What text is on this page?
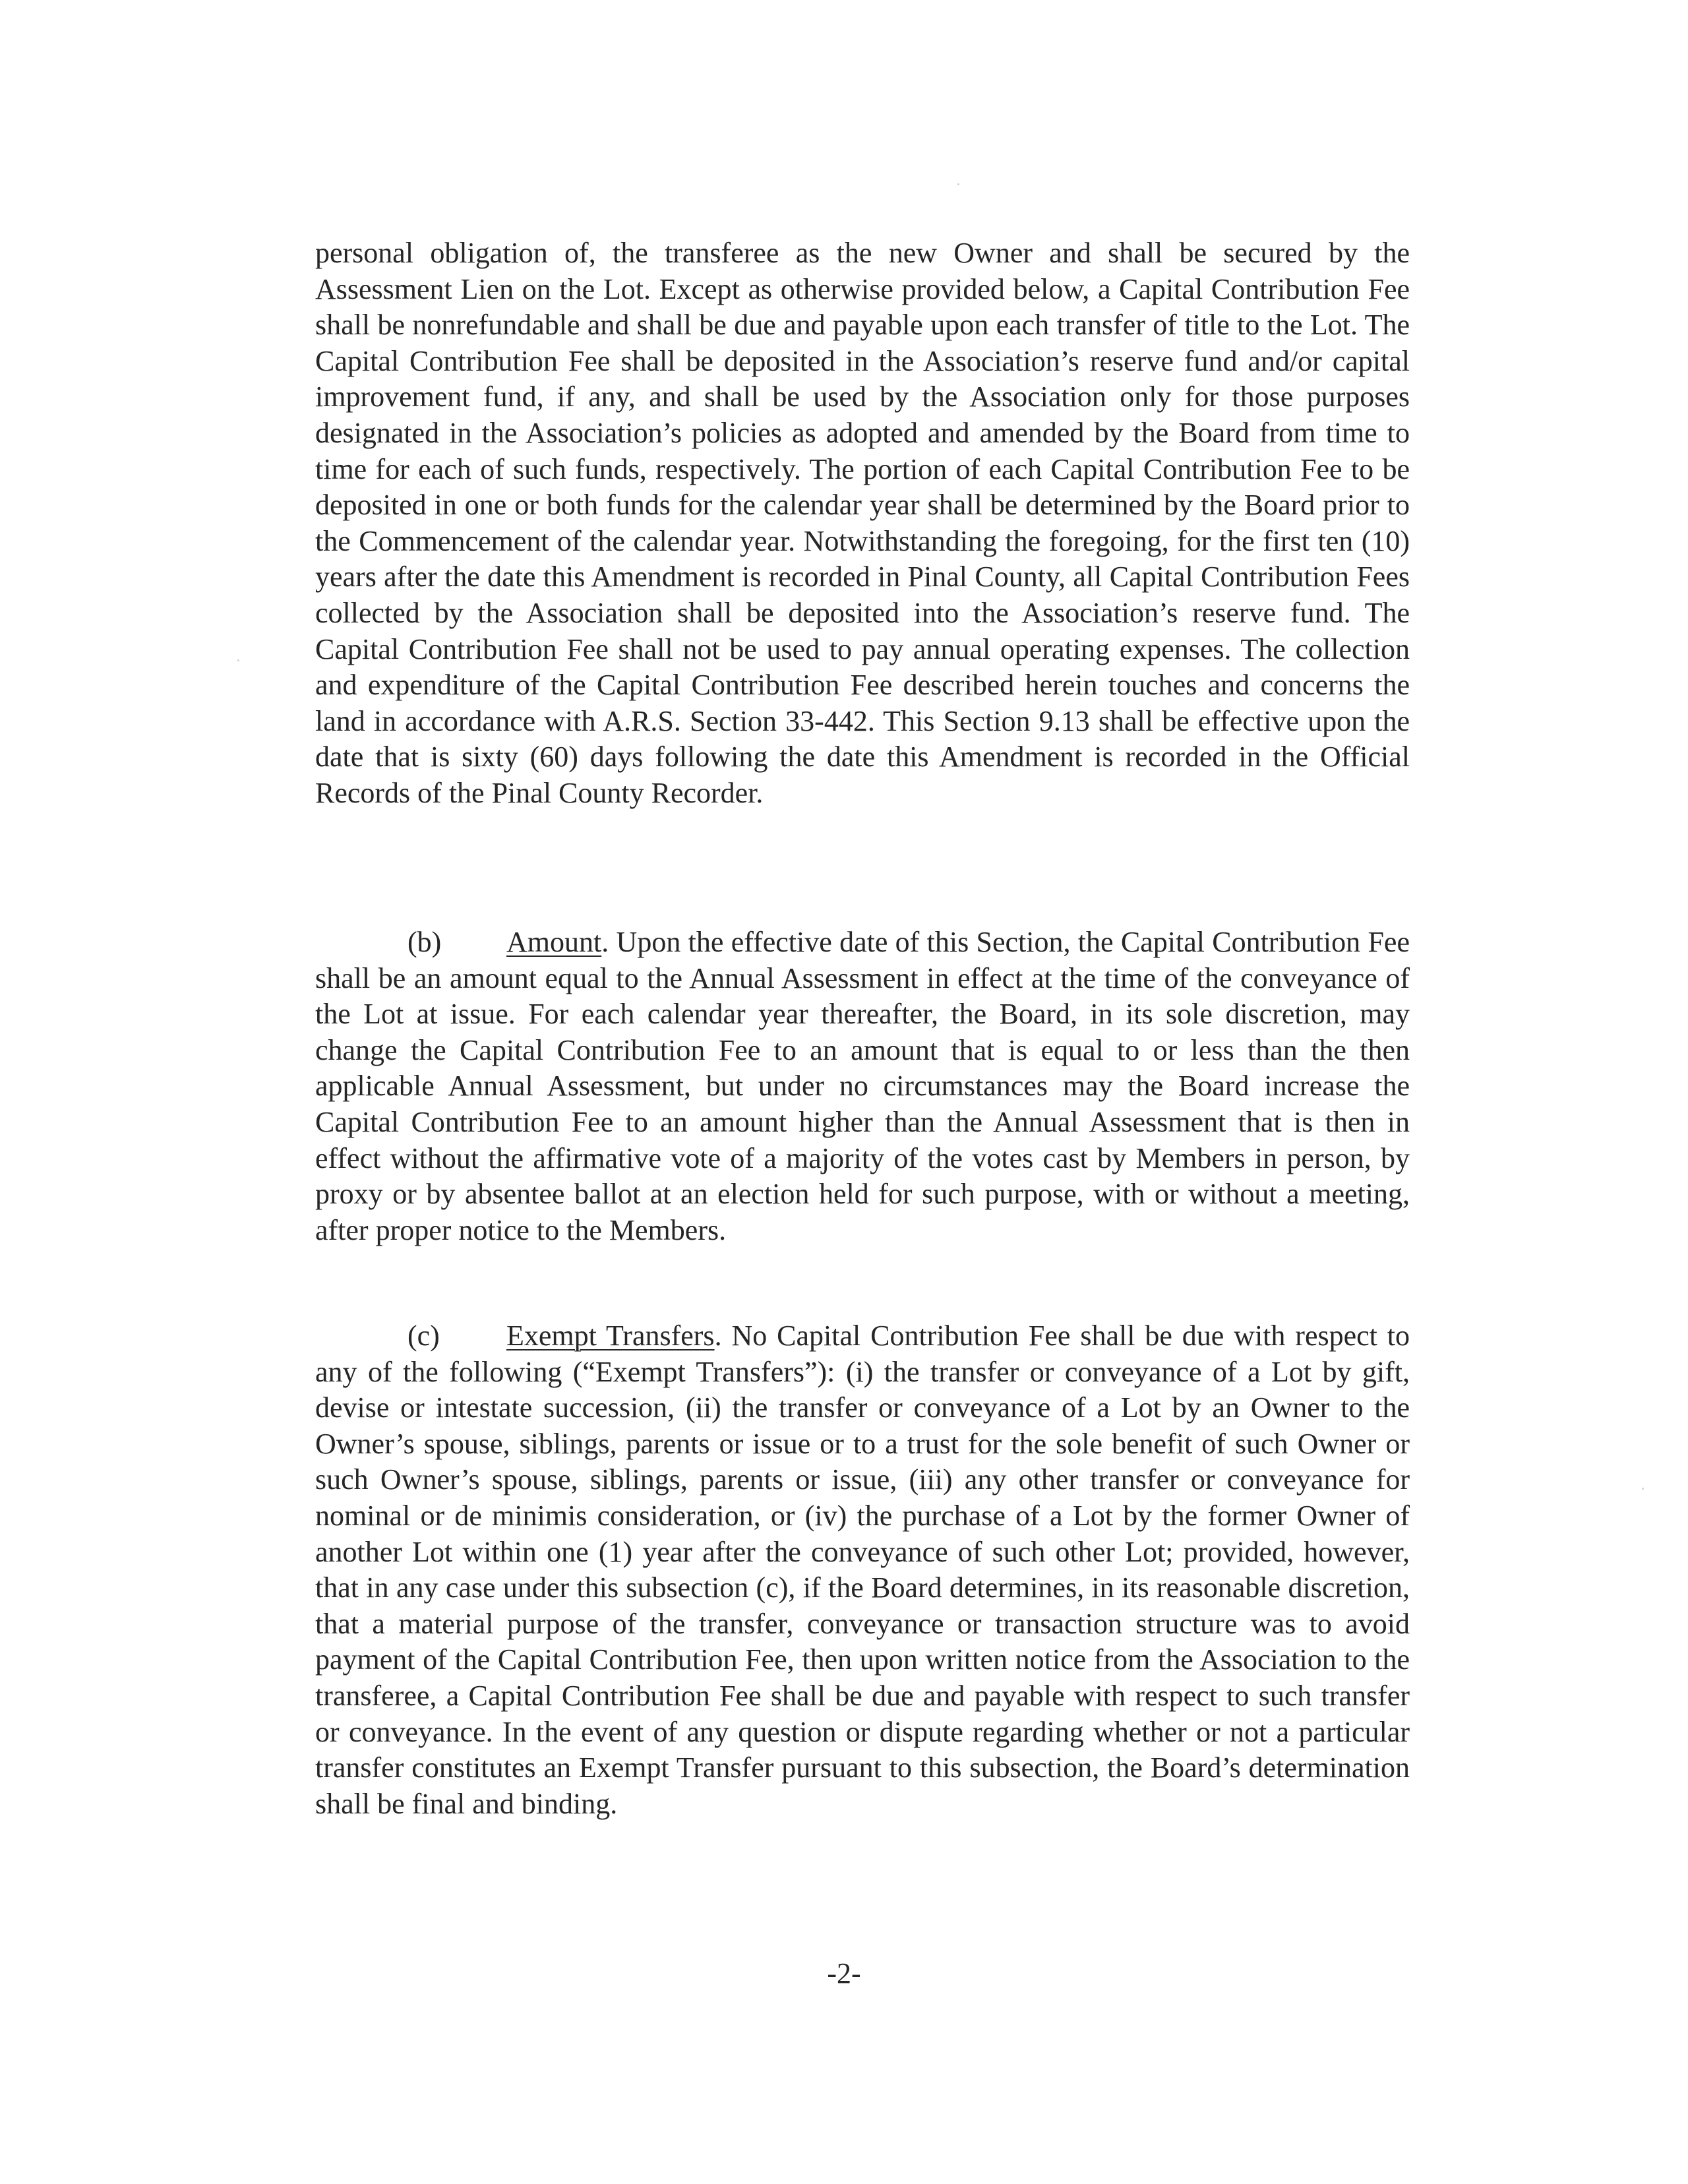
personal obligation of, the transferee as the new Owner and shall be secured by the Assessment Lien on the Lot. Except as otherwise provided below, a Capital Contribution Fee shall be nonrefundable and shall be due and payable upon each transfer of title to the Lot. The Capital Contribution Fee shall be deposited in the Association’s reserve fund and/or capital improvement fund, if any, and shall be used by the Association only for those purposes designated in the Association’s policies as adopted and amended by the Board from time to time for each of such funds, respectively. The portion of each Capital Contribution Fee to be deposited in one or both funds for the calendar year shall be determined by the Board prior to the Commencement of the calendar year. Notwithstanding the foregoing, for the first ten (10) years after the date this Amendment is recorded in Pinal County, all Capital Contribution Fees collected by the Association shall be deposited into the Association’s reserve fund. The Capital Contribution Fee shall not be used to pay annual operating expenses. The collection and expenditure of the Capital Contribution Fee described herein touches and concerns the land in accordance with A.R.S. Section 33-442. This Section 9.13 shall be effective upon the date that is sixty (60) days following the date this Amendment is recorded in the Official Records of the Pinal County Recorder.

(b) Amount. Upon the effective date of this Section, the Capital Contribution Fee shall be an amount equal to the Annual Assessment in effect at the time of the conveyance of the Lot at issue. For each calendar year thereafter, the Board, in its sole discretion, may change the Capital Contribution Fee to an amount that is equal to or less than the then applicable Annual Assessment, but under no circumstances may the Board increase the Capital Contribution Fee to an amount higher than the Annual Assessment that is then in effect without the affirmative vote of a majority of the votes cast by Members in person, by proxy or by absentee ballot at an election held for such purpose, with or without a meeting, after proper notice to the Members.

(c) Exempt Transfers. No Capital Contribution Fee shall be due with respect to any of the following (“Exempt Transfers”): (i) the transfer or conveyance of a Lot by gift, devise or intestate succession, (ii) the transfer or conveyance of a Lot by an Owner to the Owner’s spouse, siblings, parents or issue or to a trust for the sole benefit of such Owner or such Owner’s spouse, siblings, parents or issue, (iii) any other transfer or conveyance for nominal or de minimis consideration, or (iv) the purchase of a Lot by the former Owner of another Lot within one (1) year after the conveyance of such other Lot; provided, however, that in any case under this subsection (c), if the Board determines, in its reasonable discretion, that a material purpose of the transfer, conveyance or transaction structure was to avoid payment of the Capital Contribution Fee, then upon written notice from the Association to the transferee, a Capital Contribution Fee shall be due and payable with respect to such transfer or conveyance. In the event of any question or dispute regarding whether or not a particular transfer constitutes an Exempt Transfer pursuant to this subsection, the Board’s determination shall be final and binding.

-2-
